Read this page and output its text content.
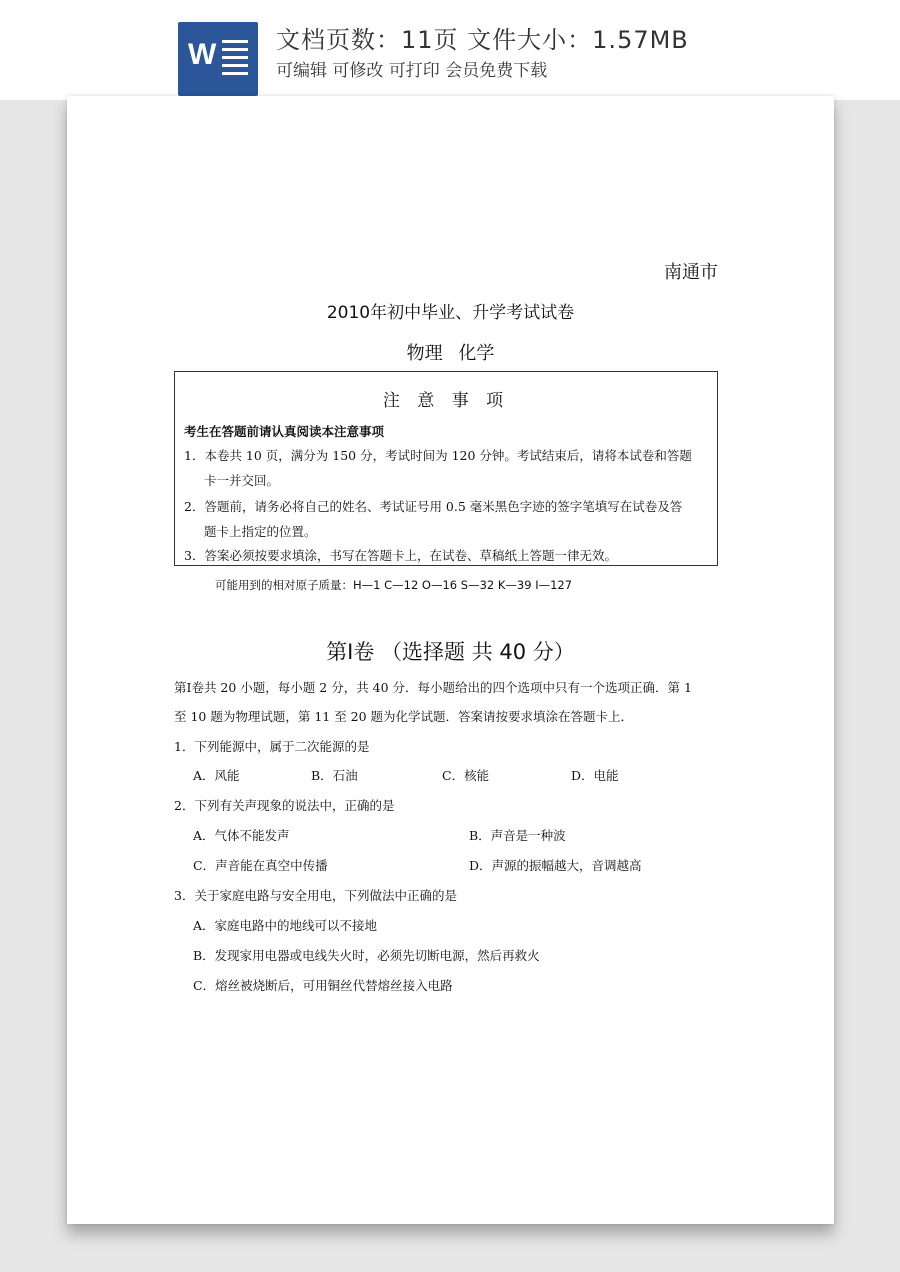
W 文档页数：11页 文件大小：1.57MB
可编辑 可修改 可打印 会员免费下载
南通市
2010年初中毕业、升学考试试卷
物理 化学
注 意 事 项
考生在答题前请认真阅读本注意事项
1．本卷共 10 页，满分为 150 分，考试时间为 120 分钟。考试结束后，请将本试卷和答题
卡一并交回。
2．答题前，请务必将自己的姓名、考试证号用 0.5 毫米黑色字迹的签字笔填写在试卷及答
题卡上指定的位置。
3．答案必须按要求填涂，书写在答题卡上，在试卷、草稿纸上答题一律无效。
可能用到的相对原子质量：H—1 C—12 O—16 S—32 K—39 I—127
第Ⅰ卷 （选择题 共 40 分）
第Ⅰ卷共 20 小题，每小题 2 分，共 40 分．每小题给出的四个选项中只有一个选项正确．第 1
至 10 题为物理试题，第 11 至 20 题为化学试题．答案请按要求填涂在答题卡上．
1．下列能源中，属于二次能源的是
A．风能	B．石油	C．核能	D．电能
2．下列有关声现象的说法中，正确的是
A．气体不能发声	B．声音是一种波
C．声音能在真空中传播	D．声源的振幅越大，音调越高
3．关于家庭电路与安全用电，下列做法中正确的是
A．家庭电路中的地线可以不接地
B．发现家用电器或电线失火时，必须先切断电源，然后再救火
C．熔丝被烧断后，可用铜丝代替熔丝接入电路
